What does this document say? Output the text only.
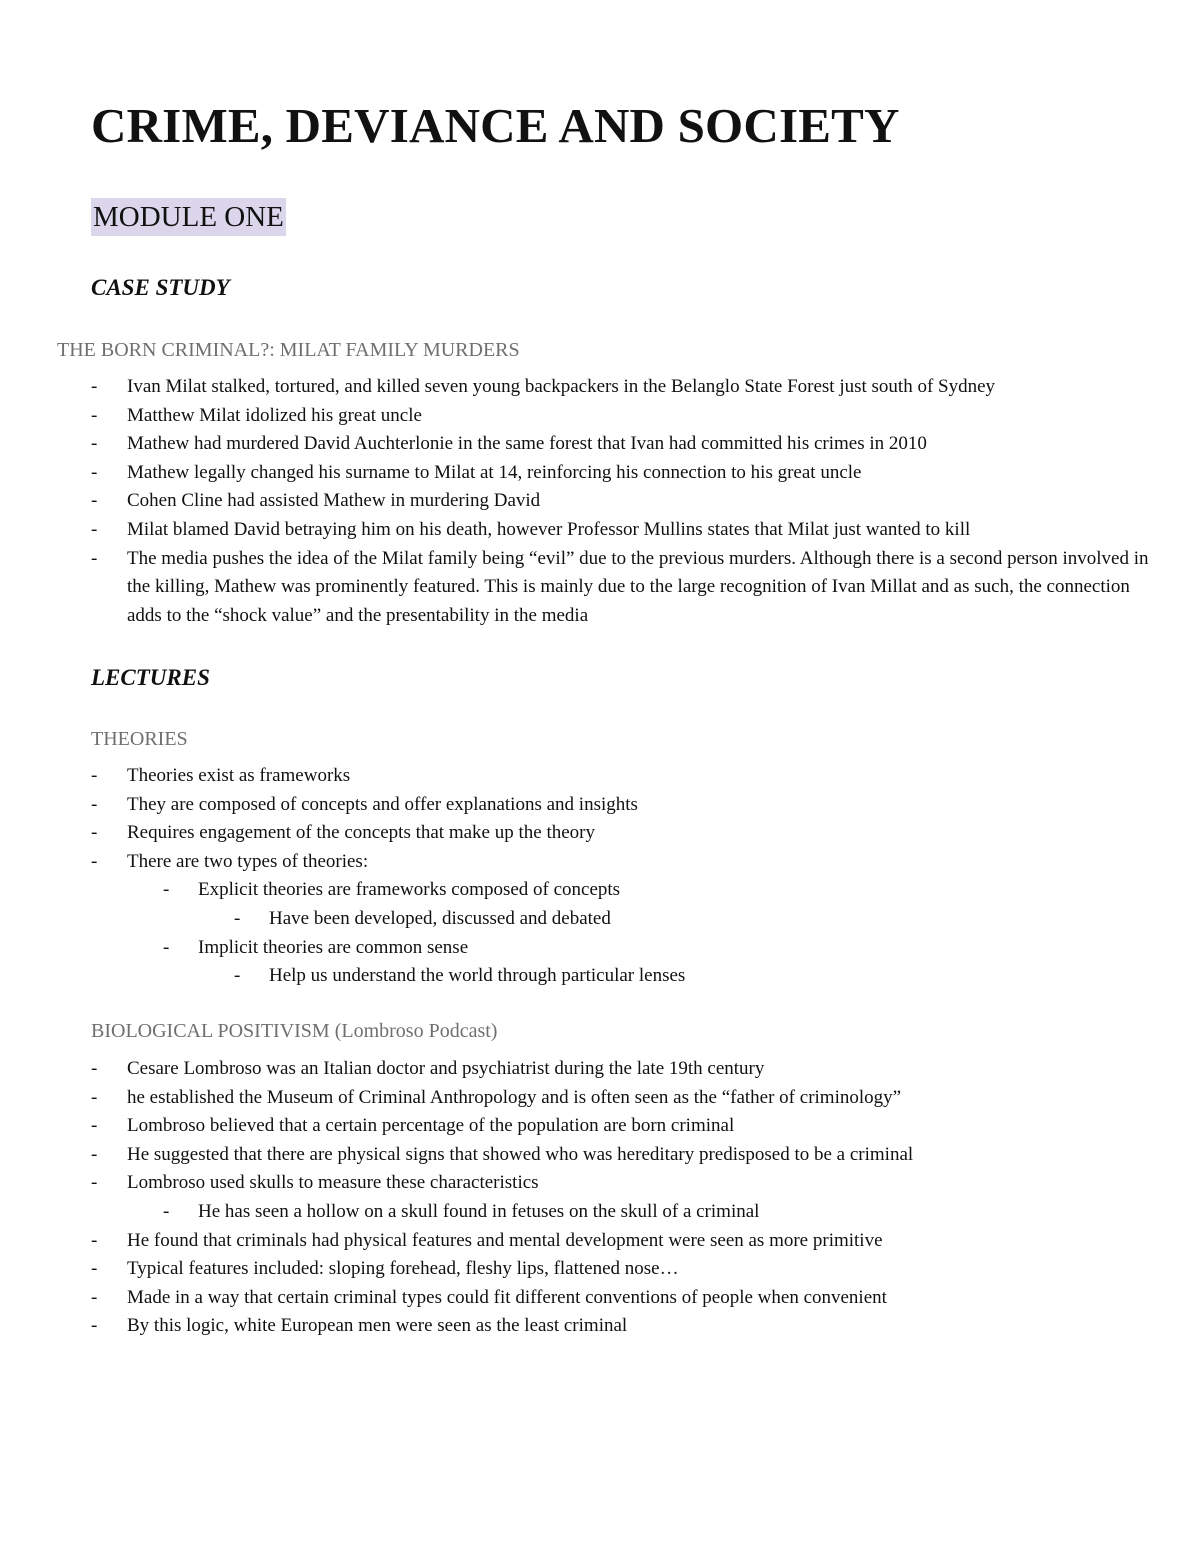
CRIME, DEVIANCE AND SOCIETY
MODULE ONE
CASE STUDY
THE BORN CRIMINAL?: MILAT FAMILY MURDERS
- Ivan Milat stalked, tortured, and killed seven young backpackers in the Belanglo State Forest just south of Sydney
- Matthew Milat idolized his great uncle
- Mathew had murdered David Auchterlonie in the same forest that Ivan had committed his crimes in 2010
- Mathew legally changed his surname to Milat at 14, reinforcing his connection to his great uncle
- Cohen Cline had assisted Mathew in murdering David
- Milat blamed David betraying him on his death, however Professor Mullins states that Milat just wanted to kill
- The media pushes the idea of the Milat family being “evil” due to the previous murders. Although there is a second person involved in the killing, Mathew was prominently featured. This is mainly due to the large recognition of Ivan Millat and as such, the connection adds to the “shock value” and the presentability in the media
LECTURES
THEORIES
- Theories exist as frameworks
- They are composed of concepts and offer explanations and insights
- Requires engagement of the concepts that make up the theory
- There are two types of theories:
- Explicit theories are frameworks composed of concepts
- Have been developed, discussed and debated
- Implicit theories are common sense
- Help us understand the world through particular lenses
BIOLOGICAL POSITIVISM (Lombroso Podcast)
- Cesare Lombroso was an Italian doctor and psychiatrist during the late 19th century
- he established the Museum of Criminal Anthropology and is often seen as the “father of criminology”
- Lombroso believed that a certain percentage of the population are born criminal
- He suggested that there are physical signs that showed who was hereditary predisposed to be a criminal
- Lombroso used skulls to measure these characteristics
- He has seen a hollow on a skull found in fetuses on the skull of a criminal
- He found that criminals had physical features and mental development were seen as more primitive
- Typical features included: sloping forehead, fleshy lips, flattened nose…
- Made in a way that certain criminal types could fit different conventions of people when convenient
- By this logic, white European men were seen as the least criminal
